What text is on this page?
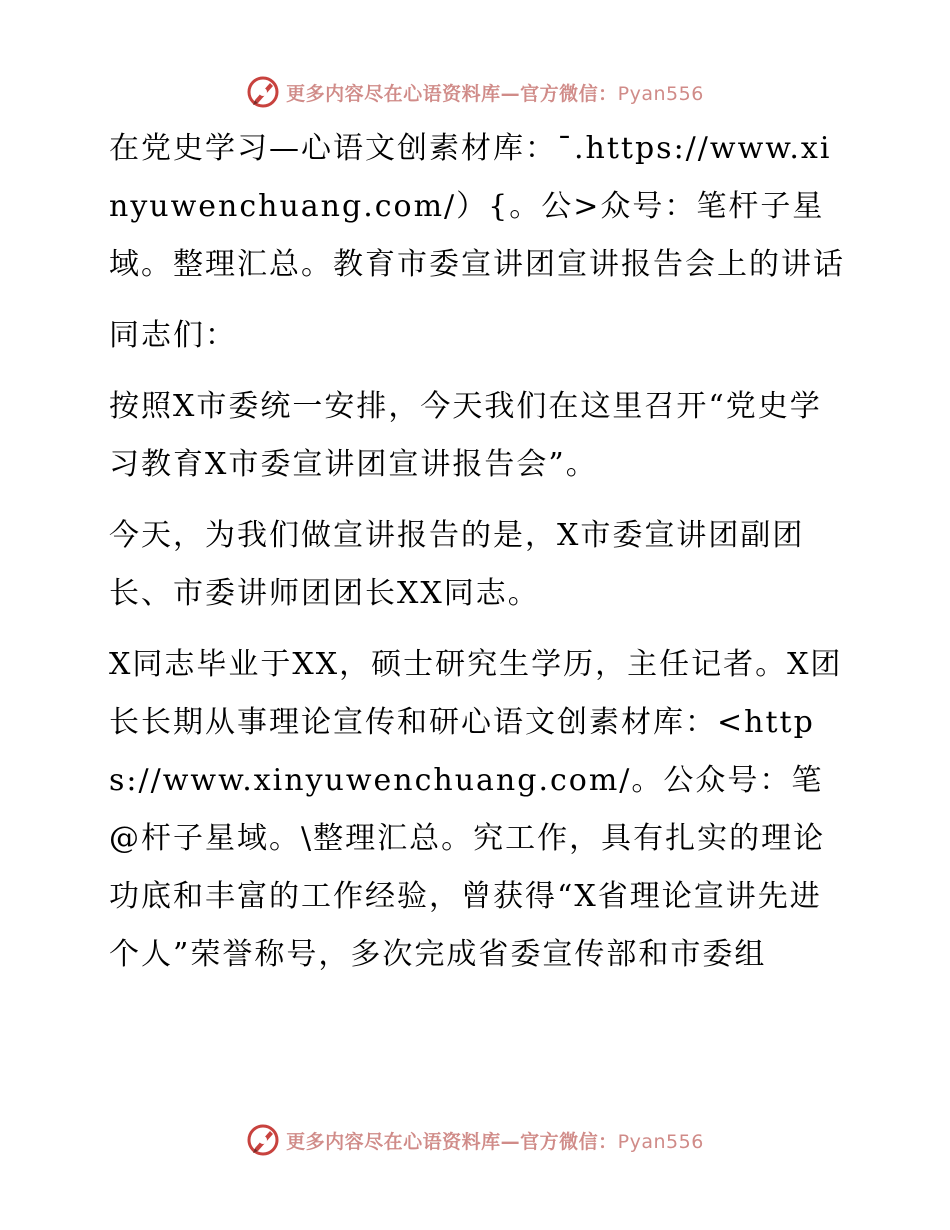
更多内容尽在心语资料库—官方微信：Pyan556

在党史学习—心语文创素材库：¯.https://www.xinyuwenchuang.com/）{。公>众号：笔杆子星域。整理汇总。教育市委宣讲团宣讲报告会上的讲话

同志们：

按照X市委统一安排，今天我们在这里召开“党史学习教育X市委宣讲团宣讲报告会”。

今天，为我们做宣讲报告的是，X市委宣讲团副团长、市委讲师团团长XX同志。

X同志毕业于XX，硕士研究生学历，主任记者。X团长长期从事理论宣传和研心语文创素材库：<https://www.xinyuwenchuang.com/。公众号：笔@杆子星域。\整理汇总。究工作，具有扎实的理论功底和丰富的工作经验，曾获得“X省理论宣讲先进个人”荣誉称号，多次完成省委宣传部和市委组

更多内容尽在心语资料库—官方微信：Pyan556
